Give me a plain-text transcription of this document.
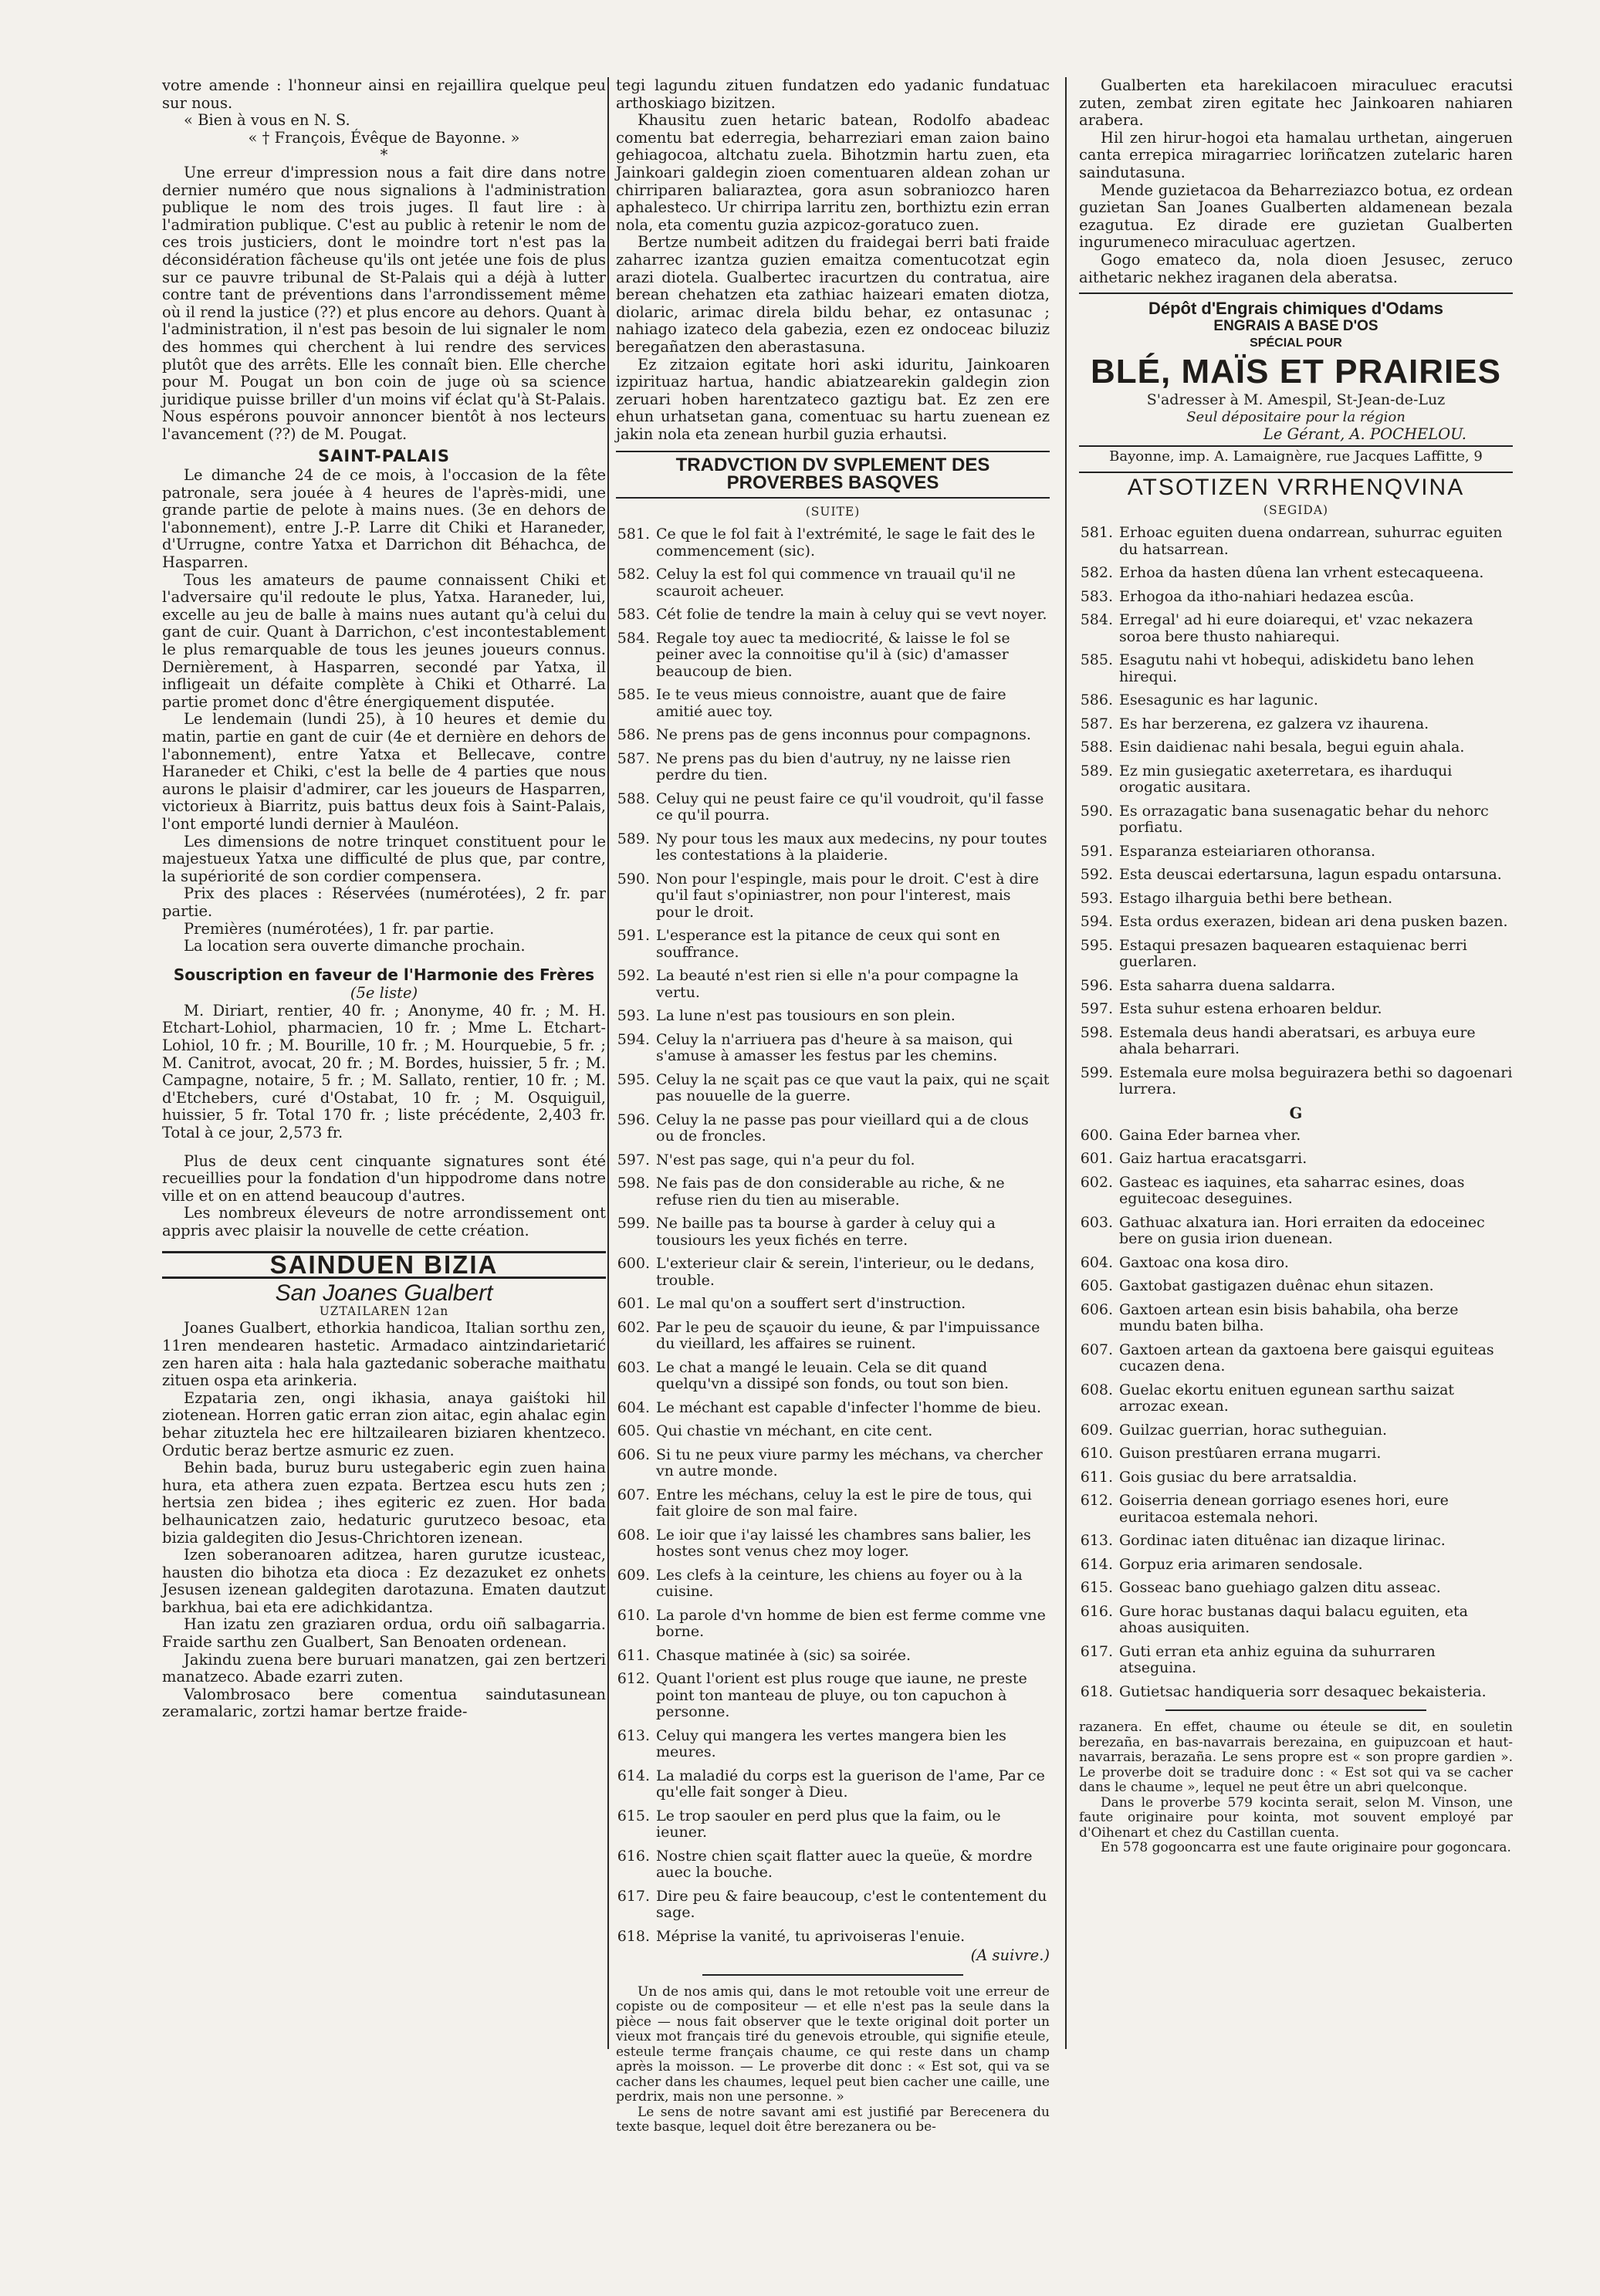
votre amende : l'honneur ainsi en rejaillira quelque peu sur nous.

« Bien à vous en N. S.

« † François, Évêque de Bayonne. »

*

Une erreur d'impression nous a fait dire dans notre dernier numéro que nous signalions à l'administration publique le nom des trois juges. Il faut lire : à l'admiration publique. C'est au public à retenir le nom de ces trois justiciers, dont le moindre tort n'est pas la déconsidération fâcheuse qu'ils ont jetée une fois de plus sur ce pauvre tribunal de St-Palais qui a déjà à lutter contre tant de préventions dans l'arrondissement même où il rend la justice (??) et plus encore au dehors. Quant à l'administration, il n'est pas besoin de lui signaler le nom des hommes qui cherchent à lui rendre des services plutôt que des arrêts. Elle les connaît bien. Elle cherche pour M. Pougat un bon coin de juge où sa science juridique puisse briller d'un moins vif éclat qu'à St-Palais. Nous espérons pouvoir annoncer bientôt à nos lecteurs l'avancement (??) de M. Pougat.

SAINT-PALAIS

Le dimanche 24 de ce mois, à l'occasion de la fête patronale, sera jouée à 4 heures de l'après-midi, une grande partie de pelote à mains nues. (3e en dehors de l'abonnement), entre J.-P. Larre dit Chiki et Haraneder, d'Urrugne, contre Yatxa et Darrichon dit Béhachca, de Hasparren.

Tous les amateurs de paume connaissent Chiki et l'adversaire qu'il redoute le plus, Yatxa. Haraneder, lui, excelle au jeu de balle à mains nues autant qu'à celui du gant de cuir. Quant à Darrichon, c'est incontestablement le plus remarquable de tous les jeunes joueurs connus. Dernièrement, à Hasparren, secondé par Yatxa, il infligeait un défaite complète à Chiki et Otharré. La partie promet donc d'être énergiquement disputée.

Le lendemain (lundi 25), à 10 heures et demie du matin, partie en gant de cuir (4e et dernière en dehors de l'abonnement), entre Yatxa et Bellecave, contre Haraneder et Chiki, c'est la belle de 4 parties que nous aurons le plaisir d'admirer, car les joueurs de Hasparren, victorieux à Biarritz, puis battus deux fois à Saint-Palais, l'ont emporté lundi dernier à Mauléon.

Les dimensions de notre trinquet constituent pour le majestueux Yatxa une difficulté de plus que, par contre, la supériorité de son cordier compensera.

Prix des places : Réservées (numérotées), 2 fr. par partie.

Premières (numérotées), 1 fr. par partie.

La location sera ouverte dimanche prochain.

Souscription en faveur de l'Harmonie des Frères

(5e liste)

M. Diriart, rentier, 40 fr. ; Anonyme, 40 fr. ; M. H. Etchart-Lohiol, pharmacien, 10 fr. ; Mme L. Etchart-Lohiol, 10 fr. ; M. Bourille, 10 fr. ; M. Hourquebie, 5 fr. ; M. Canitrot, avocat, 20 fr. ; M. Bordes, huissier, 5 fr. ; M. Campagne, notaire, 5 fr. ; M. Sallato, rentier, 10 fr. ; M. d'Etchebers, curé d'Ostabat, 10 fr. ; M. Osquiguil, huissier, 5 fr. Total 170 fr. ; liste précédente, 2,403 fr. Total à ce jour, 2,573 fr.

Plus de deux cent cinquante signatures sont été recueillies pour la fondation d'un hippodrome dans notre ville et on en attend beaucoup d'autres.

Les nombreux éleveurs de notre arrondissement ont appris avec plaisir la nouvelle de cette création.

SAINDUEN BIZIA
San Joanes Gualbert
UZTAILAREN 12an

Joanes Gualbert, ethorkia handicoa, Italian sorthu zen, 11ren mendearen hastetic. Armadaco aintzindarietarić zen haren aita : hala hala gaztedanic soberache maithatu zituen ospa eta arinkeria.

Ezpataria zen, ongi ikhasia, anaya gaiśtoki hil ziotenean. Horren gatic erran zion aitac, egin ahalac egin behar zituztela hec ere hiltzailearen biziaren khentzeco. Ordutic beraz bertze asmuric ez zuen.

Behin bada, buruz buru ustegaberic egin zuen haina hura, eta athera zuen ezpata. Bertzea escu huts zen ; hertsia zen bidea ; ihes egiteric ez zuen. Hor bada belhaunicatzen zaio, hedaturic gurutzeco besoac, eta bizia galdegiten dio Jesus-Chrichtoren izenean.

Izen soberanoaren aditzea, haren gurutze icusteac, hausten dio bihotza eta dioca : Ez dezazuket ez onhets Jesusen izenean galdegiten darotazuna. Ematen dautzut barkhua, bai eta ere adichkidantza.

Han izatu zen graziaren ordua, ordu oiñ salbagarria. Fraide sarthu zen Gualbert, San Benoaten ordenean.

Jakindu zuena bere buruari manatzen, gai zen bertzeri manatzeco. Abade ezarri zuten.

Valombrosaco bere comentua saindutasunean zeramalaric, zortzi hamar bertze fraide-

tegi lagundu zituen fundatzen edo yadanic fundatuac arthoskiago bizitzen.

Khausitu zuen hetaric batean, Rodolfo abadeac comentu bat ederregia, beharreziari eman zaion baino gehiagocoa, altchatu zuela. Bihotzmin hartu zuen, eta Jainkoari galdegin zioen comentuaren aldean zohan ur chirriparen baliaraztea, gora asun sobraniozco haren aphalesteco. Ur chirripa larritu zen, borthiztu ezin erran nola, eta comentu guzia azpicoz-goratuco zuen.

Bertze numbeit aditzen du fraidegai berri bati fraide zaharrec izantza guzien emaitza comentucotzat egin arazi diotela. Gualbertec iracurtzen du contratua, aire berean chehatzen eta zathiac haizeari ematen diotza, diolaric, arimac direla bildu behar, ez ontasunac ; nahiago izateco dela gabezia, ezen ez ondoceac biluziz beregañatzen den aberastasuna.

Ez zitzaion egitate hori aski iduritu, Jainkoaren izpirituaz hartua, handic abiatzearekin galdegin zion zeruari hoben harentzateco gaztigu bat. Ez zen ere ehun urhatsetan gana, comentuac su hartu zuenean ez jakin nola eta zenean hurbil guzia erhautsi.

TRADVCTION DV SVPLEMENT DES PROVERBES BASQVES
(SUITE)
581. Ce que le fol fait à l'extrémité, le sage le fait des le commencement (sic).
582. Celuy la est fol qui commence vn trauail qu'il ne scauroit acheuer.
583. Cét folie de tendre la main à celuy qui se vevt noyer.
584. Regale toy auec ta mediocrité, & laisse le fol se peiner avec la connoitise qu'il à (sic) d'amasser beaucoup de bien.
585. Ie te veus mieus connoistre, auant que de faire amitié auec toy.
586. Ne prens pas de gens inconnus pour compagnons.
587. Ne prens pas du bien d'autruy, ny ne laisse rien perdre du tien.
588. Celuy qui ne peust faire ce qu'il voudroit, qu'il fasse ce qu'il pourra.
589. Ny pour tous les maux aux medecins, ny pour toutes les contestations à la plaiderie.
590. Non pour l'espingle, mais pour le droit. C'est à dire qu'il faut s'opiniastrer, non pour l'interest, mais pour le droit.
591. L'esperance est la pitance de ceux qui sont en souffrance.
592. La beauté n'est rien si elle n'a pour compagne la vertu.
593. La lune n'est pas tousiours en son plein.
594. Celuy la n'arriuera pas d'heure à sa maison, qui s'amuse à amasser les festus par les chemins.
595. Celuy la ne sçait pas ce que vaut la paix, qui ne sçait pas nouuelle de la guerre.
596. Celuy la ne passe pas pour vieillard qui a de clous ou de froncles.
597. N'est pas sage, qui n'a peur du fol.
598. Ne fais pas de don considerable au riche, & ne refuse rien du tien au miserable.
599. Ne baille pas ta bourse à garder à celuy qui a tousiours les yeux fichés en terre.
600. L'exterieur clair & serein, l'interieur, ou le dedans, trouble.
601. Le mal qu'on a souffert sert d'instruction.
602. Par le peu de sçauoir du ieune, & par l'impuissance du vieillard, les affaires se ruinent.
603. Le chat a mangé le leuain. Cela se dit quand quelqu'vn a dissipé son fonds, ou tout son bien.
604. Le méchant est capable d'infecter l'homme de bieu.
605. Qui chastie vn méchant, en cite cent.
606. Si tu ne peux viure parmy les méchans, va chercher vn autre monde.
607. Entre les méchans, celuy la est le pire de tous, qui fait gloire de son mal faire.
608. Le ioir que i'ay laissé les chambres sans balier, les hostes sont venus chez moy loger.
609. Les clefs à la ceinture, les chiens au foyer ou à la cuisine.
610. La parole d'vn homme de bien est ferme comme vne borne.
611. Chasque matinée à (sic) sa soirée.
612. Quant l'orient est plus rouge que iaune, ne preste point ton manteau de pluye, ou ton capuchon à personne.
613. Celuy qui mangera les vertes mangera bien les meures.
614. La maladié du corps est la guerison de l'ame, Par ce qu'elle fait songer à Dieu.
615. Le trop saouler en perd plus que la faim, ou le ieuner.
616. Nostre chien sçait flatter auec la queüe, & mordre auec la bouche.
617. Dire peu & faire beaucoup, c'est le contentement du sage.
618. Méprise la vanité, tu aprivoiseras l'enuie.

(A suivre.)

Un de nos amis qui, dans le mot retouble voit une erreur de copiste ou de compositeur — et elle n'est pas la seule dans la pièce — nous fait observer que le texte original doit porter un vieux mot français tiré du genevois etrouble, qui signifie eteule, esteule terme français chaume, ce qui reste dans un champ après la moisson. — Le proverbe dit donc : « Est sot, qui va se cacher dans les chaumes, lequel peut bien cacher une caille, une perdrix, mais non une personne. »

Le sens de notre savant ami est justifié par Berecenera du texte basque, lequel doit être berezanera ou be-

Gualberten eta harekilacoen miraculuec eracutsi zuten, zembat ziren egitate hec Jainkoaren nahiaren arabera.

Hil zen hirur-hogoi eta hamalau urthetan, aingeruen canta errepica miragarriec loriñcatzen zutelaric haren saindutasuna.

Mende guzietacoa da Beharreziazco botua, ez ordean guzietan San Joanes Gualberten aldamenean bezala ezagutua. Ez dirade ere guzietan Gualberten ingurumeneco miraculuac agertzen.

Gogo ematecо da, nola dioen Jesusec, zeruco aithetaric nekhez iraganen dela aberatsa.

Dépôt d'Engrais chimiques d'Odams
ENGRAIS A BASE D'OS
SPÉCIAL POUR
BLÉ, MAÏS ET PRAIRIES
S'adresser à M. Amespil, St-Jean-de-Luz
Seul dépositaire pour la région

Le Gérant, A. POCHELOU.

Bayonne, imp. A. Lamaignère, rue Jacques Laffitte, 9

ATSOTIZEN VRRHENQVINA
(SEGIDA)
581. Erhoac eguiten duena ondarrean, suhurrac eguiten du hatsarrean.
582. Erhoa da hasten dûena lan vrhent estecaqueena.
583. Erhogoa da itho-nahiari hedazea escûa.
584. Erregal' ad hi eure doiarequi, et' vzac nekazera soroa bere thusto nahiarequi.
585. Esagutu nahi vt hobequi, adiskidetu bano lehen hirequi.
586. Esesagunic es har lagunic.
587. Es har berzerena, ez galzera vz ihaurena.
588. Esin daidienac nahi besala, begui eguin ahala.
589. Ez min gusiegatic axeterretara, es iharduqui orogatic ausitara.
590. Es orrazagatic bana susenagatic behar du nehorc porfiatu.
591. Esparanza esteiariaren othoransa.
592. Esta deuscai edertarsuna, lagun espadu ontarsuna.
593. Estago ilharguia bethi bere bethean.
594. Esta ordus exerazen, bidean ari dena pusken bazen.
595. Estaqui presazen baquearen estaquienac berri guerlaren.
596. Esta saharra duena saldarra.
597. Esta suhur estena erhoaren beldur.
598. Estemala deus handi aberatsari, es arbuya eure ahala beharrari.
599. Estemala eure molsa beguirazera bethi so dagoenari lurrera.
G
600. Gaina Eder barnea vher.
601. Gaiz hartua eracatsgarri.
602. Gasteac es iaquines, eta saharrac esines, doas eguitecoac deseguines.
603. Gathuac alxatura ian. Hori erraiten da edoceinec bere on gusia irion duenean.
604. Gaxtoac ona kosa diro.
605. Gaxtobat gastigazen duênac ehun sitazen.
606. Gaxtoen artean esin bisis bahabila, oha berze mundu baten bilha.
607. Gaxtoen artean da gaxtoena bere gaisqui eguiteas cucazen dena.
608. Guelac ekortu enituen egunean sarthu saizat arrozac exean.
609. Guilzac guerrian, horac sutheguian.
610. Guison prestûaren errana mugarri.
611. Gois gusiac du bere arratsaldia.
612. Goiserria denean gorriago esenes hori, eure euritacoa estemala nehori.
613. Gordinac iaten dituênac ian dizaque lirinac.
614. Gorpuz eria arimaren sendosale.
615. Gosseac bano guehiago galzen ditu asseac.
616. Gure horac bustanas daqui balacu eguiten, eta ahoas ausiquiten.
617. Guti erran eta anhiz eguina da suhurraren atseguina.
618. Gutietsac handiqueria sorr desaquec bekaisteria.

razanera. En effet, chaume ou éteule se dit, en souletin berezaña, en bas-navarrais berezaina, en guipuzcoan et haut-navarrais, berazaña. Le sens propre est « son propre gardien ». Le proverbe doit se traduire donc : « Est sot qui va se cacher dans le chaume », lequel ne peut être un abri quelconque.

Dans le proverbe 579 kocinta serait, selon M. Vinson, une faute originaire pour kointa, mot souvent employé par d'Oihenart et chez du Castillan cuenta.

En 578 gogooncarra est une faute originaire pour gogoncara.
